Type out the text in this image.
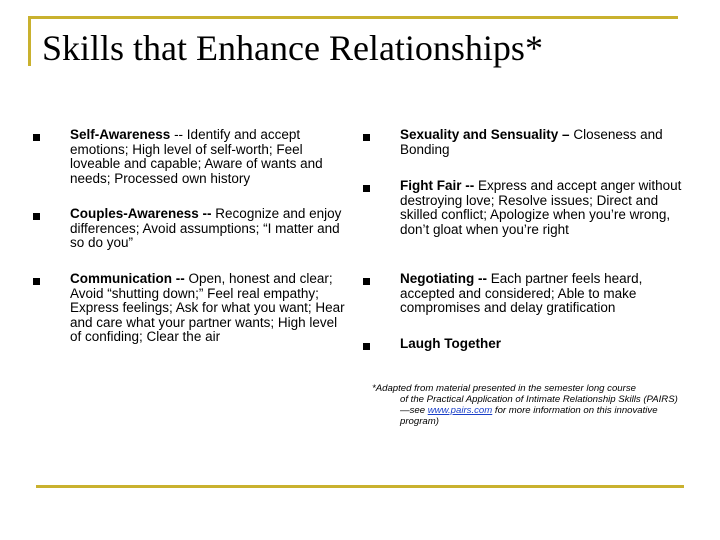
Skills that Enhance Relationships*
Self-Awareness -- Identify and accept emotions; High level of self-worth; Feel loveable and capable; Aware of wants and needs; Processed own history
Couples-Awareness -- Recognize and enjoy differences; Avoid assumptions; “I matter and so do you”
Communication -- Open, honest and clear; Avoid “shutting down;” Feel real empathy; Express feelings; Ask for what you want; Hear and care what your partner wants; High level of confiding; Clear the air
Sexuality and Sensuality – Closeness and Bonding
Fight Fair -- Express and accept anger without destroying love; Resolve issues; Direct and skilled conflict; Apologize when you’re wrong, don’t gloat when you’re right
Negotiating -- Each partner feels heard, accepted and considered; Able to make compromises and delay gratification
Laugh Together
*Adapted from material presented in the semester long course
of the Practical Application of Intimate Relationship Skills (PAIRS)—see www.pairs.com for more information on this innovative program)
